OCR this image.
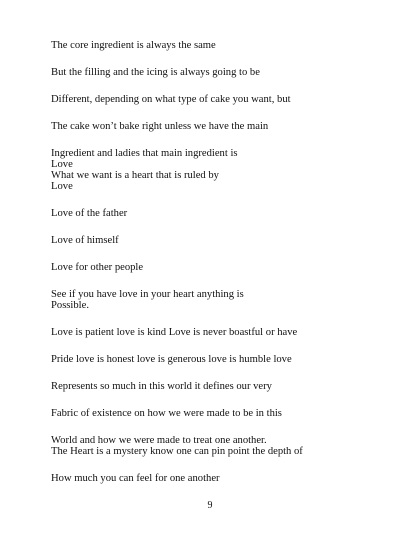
The core ingredient is always the same
But the filling and the icing is always going to be
Different, depending on what type of cake you want, but
The cake won’t bake right unless we have the main
Ingredient and ladies that main ingredient is
Love
What we want is a heart that is ruled by
Love
Love of the father
Love of himself
Love for other people
See if you have love in your heart anything is
Possible.
Love is patient love is kind Love is never boastful or have
Pride love is honest love is generous love is humble love
Represents so much in this world it defines our very
Fabric of existence on how we were made to be in this
World and how we were made to treat one another.
The Heart is a mystery know one can pin point the depth of
How much you can feel for one another
9
